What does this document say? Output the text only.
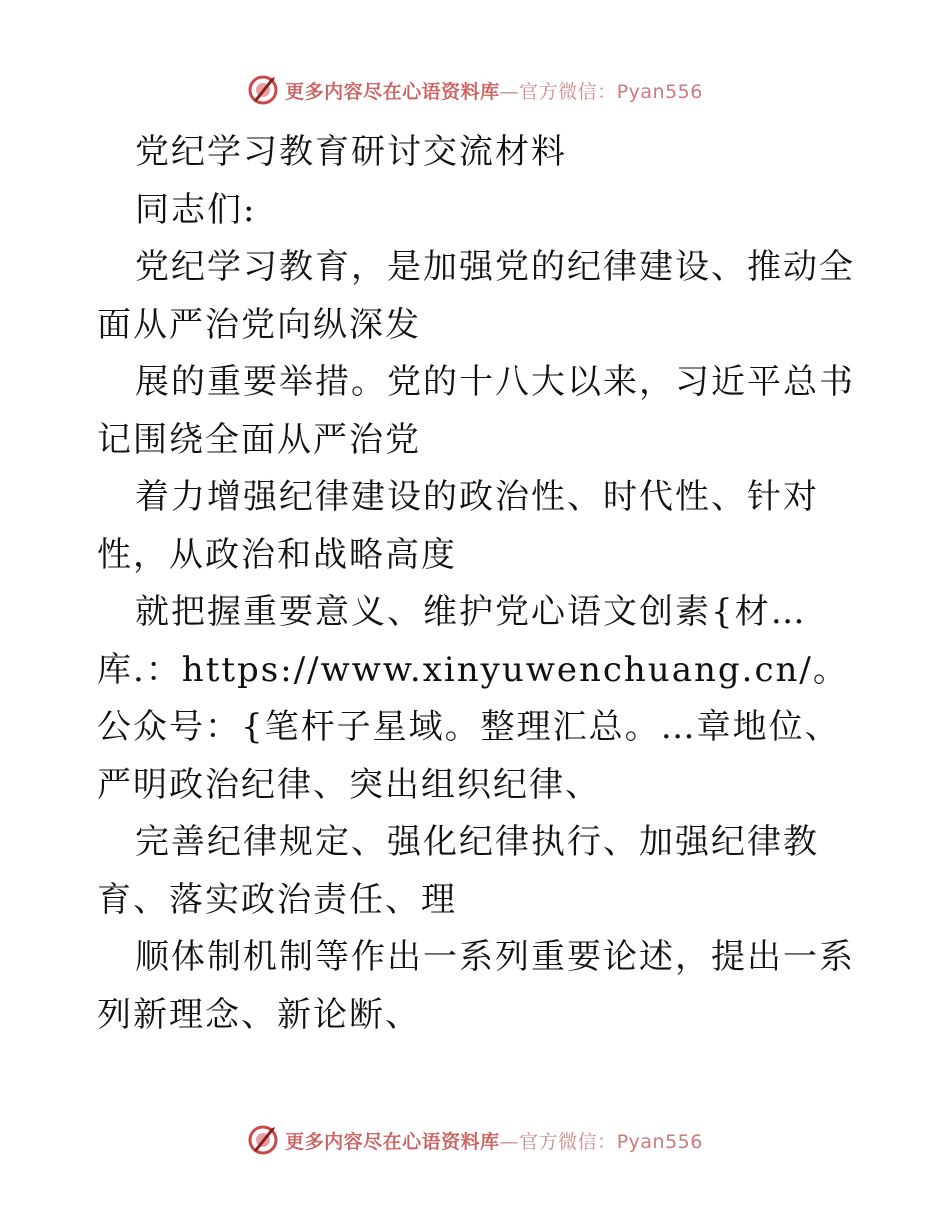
更多内容尽在心语资料库—官方微信：Pyan556

党纪学习教育研讨交流材料

同志们:

党纪学习教育，是加强党的纪律建设、推动全面从严治党向纵深发

展的重要举措。党的十八大以来，习近平总书记围绕全面从严治党

着力增强纪律建设的政治性、时代性、针对性，从政治和战略高度

就把握重要意义、维护党心语文创素{材…库.：https://www.xinyuwenchuang.cn/。公众号：{笔杆子星域。整理汇总。…章地位、严明政治纪律、突出组织纪律、

完善纪律规定、强化纪律执行、加强纪律教育、落实政治责任、理

顺体制机制等作出一系列重要论述，提出一系列新理念、新论断、

更多内容尽在心语资料库—官方微信：Pyan556
